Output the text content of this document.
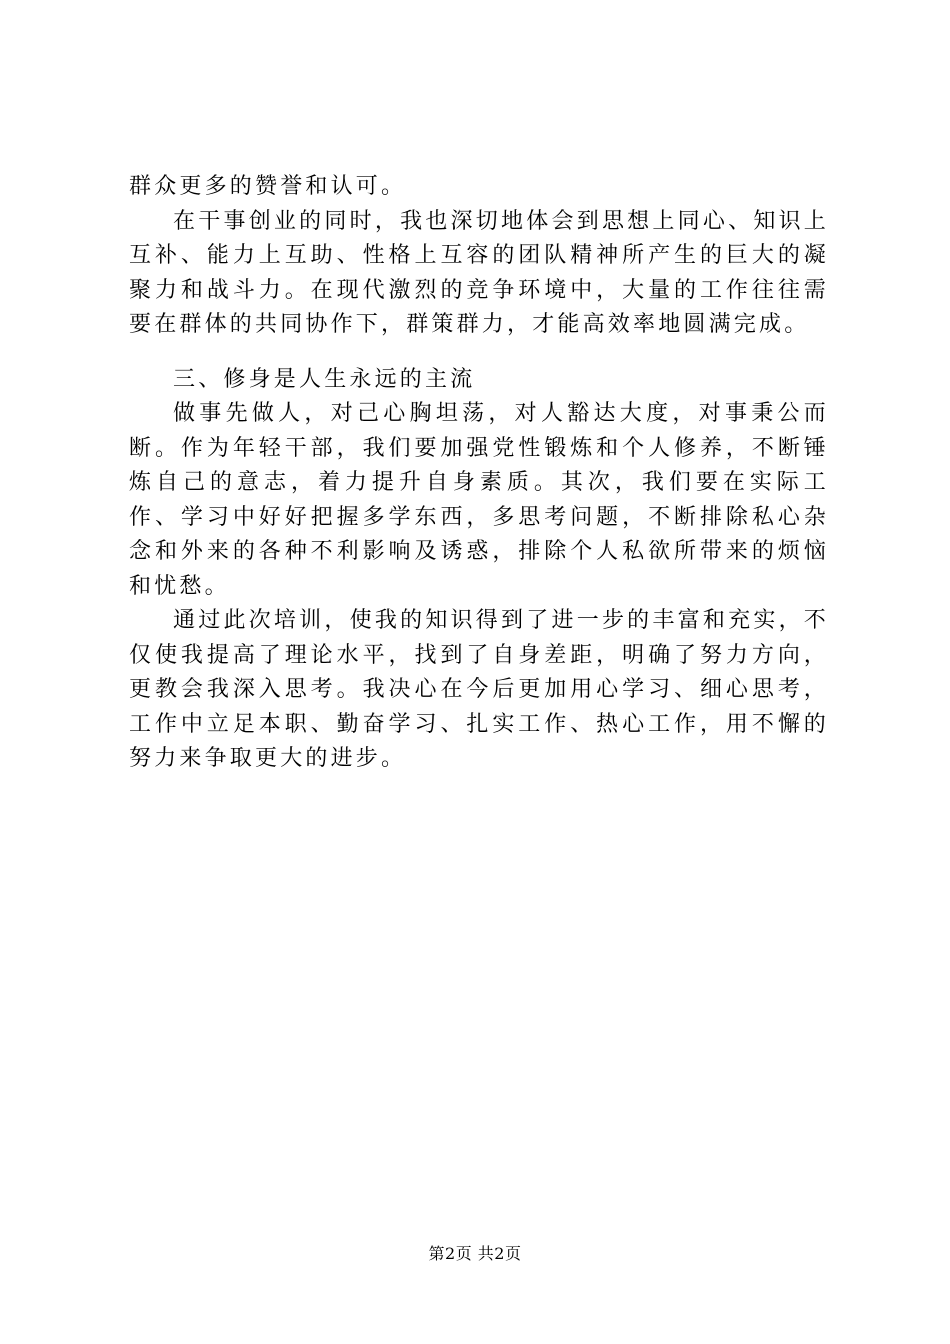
群众更多的赞誉和认可。

在干事创业的同时，我也深切地体会到思想上同心、知识上互补、能力上互助、性格上互容的团队精神所产生的巨大的凝聚力和战斗力。在现代激烈的竞争环境中，大量的工作往往需要在群体的共同协作下，群策群力，才能高效率地圆满完成。

三、修身是人生永远的主流

做事先做人，对己心胸坦荡，对人豁达大度，对事秉公而断。作为年轻干部，我们要加强党性锻炼和个人修养，不断锤炼自己的意志，着力提升自身素质。其次，我们要在实际工作、学习中好好把握多学东西，多思考问题，不断排除私心杂念和外来的各种不利影响及诱惑，排除个人私欲所带来的烦恼和忧愁。

通过此次培训，使我的知识得到了进一步的丰富和充实，不仅使我提高了理论水平，找到了自身差距，明确了努力方向，更教会我深入思考。我决心在今后更加用心学习、细心思考，工作中立足本职、勤奋学习、扎实工作、热心工作，用不懈的努力来争取更大的进步。

第2页 共2页
